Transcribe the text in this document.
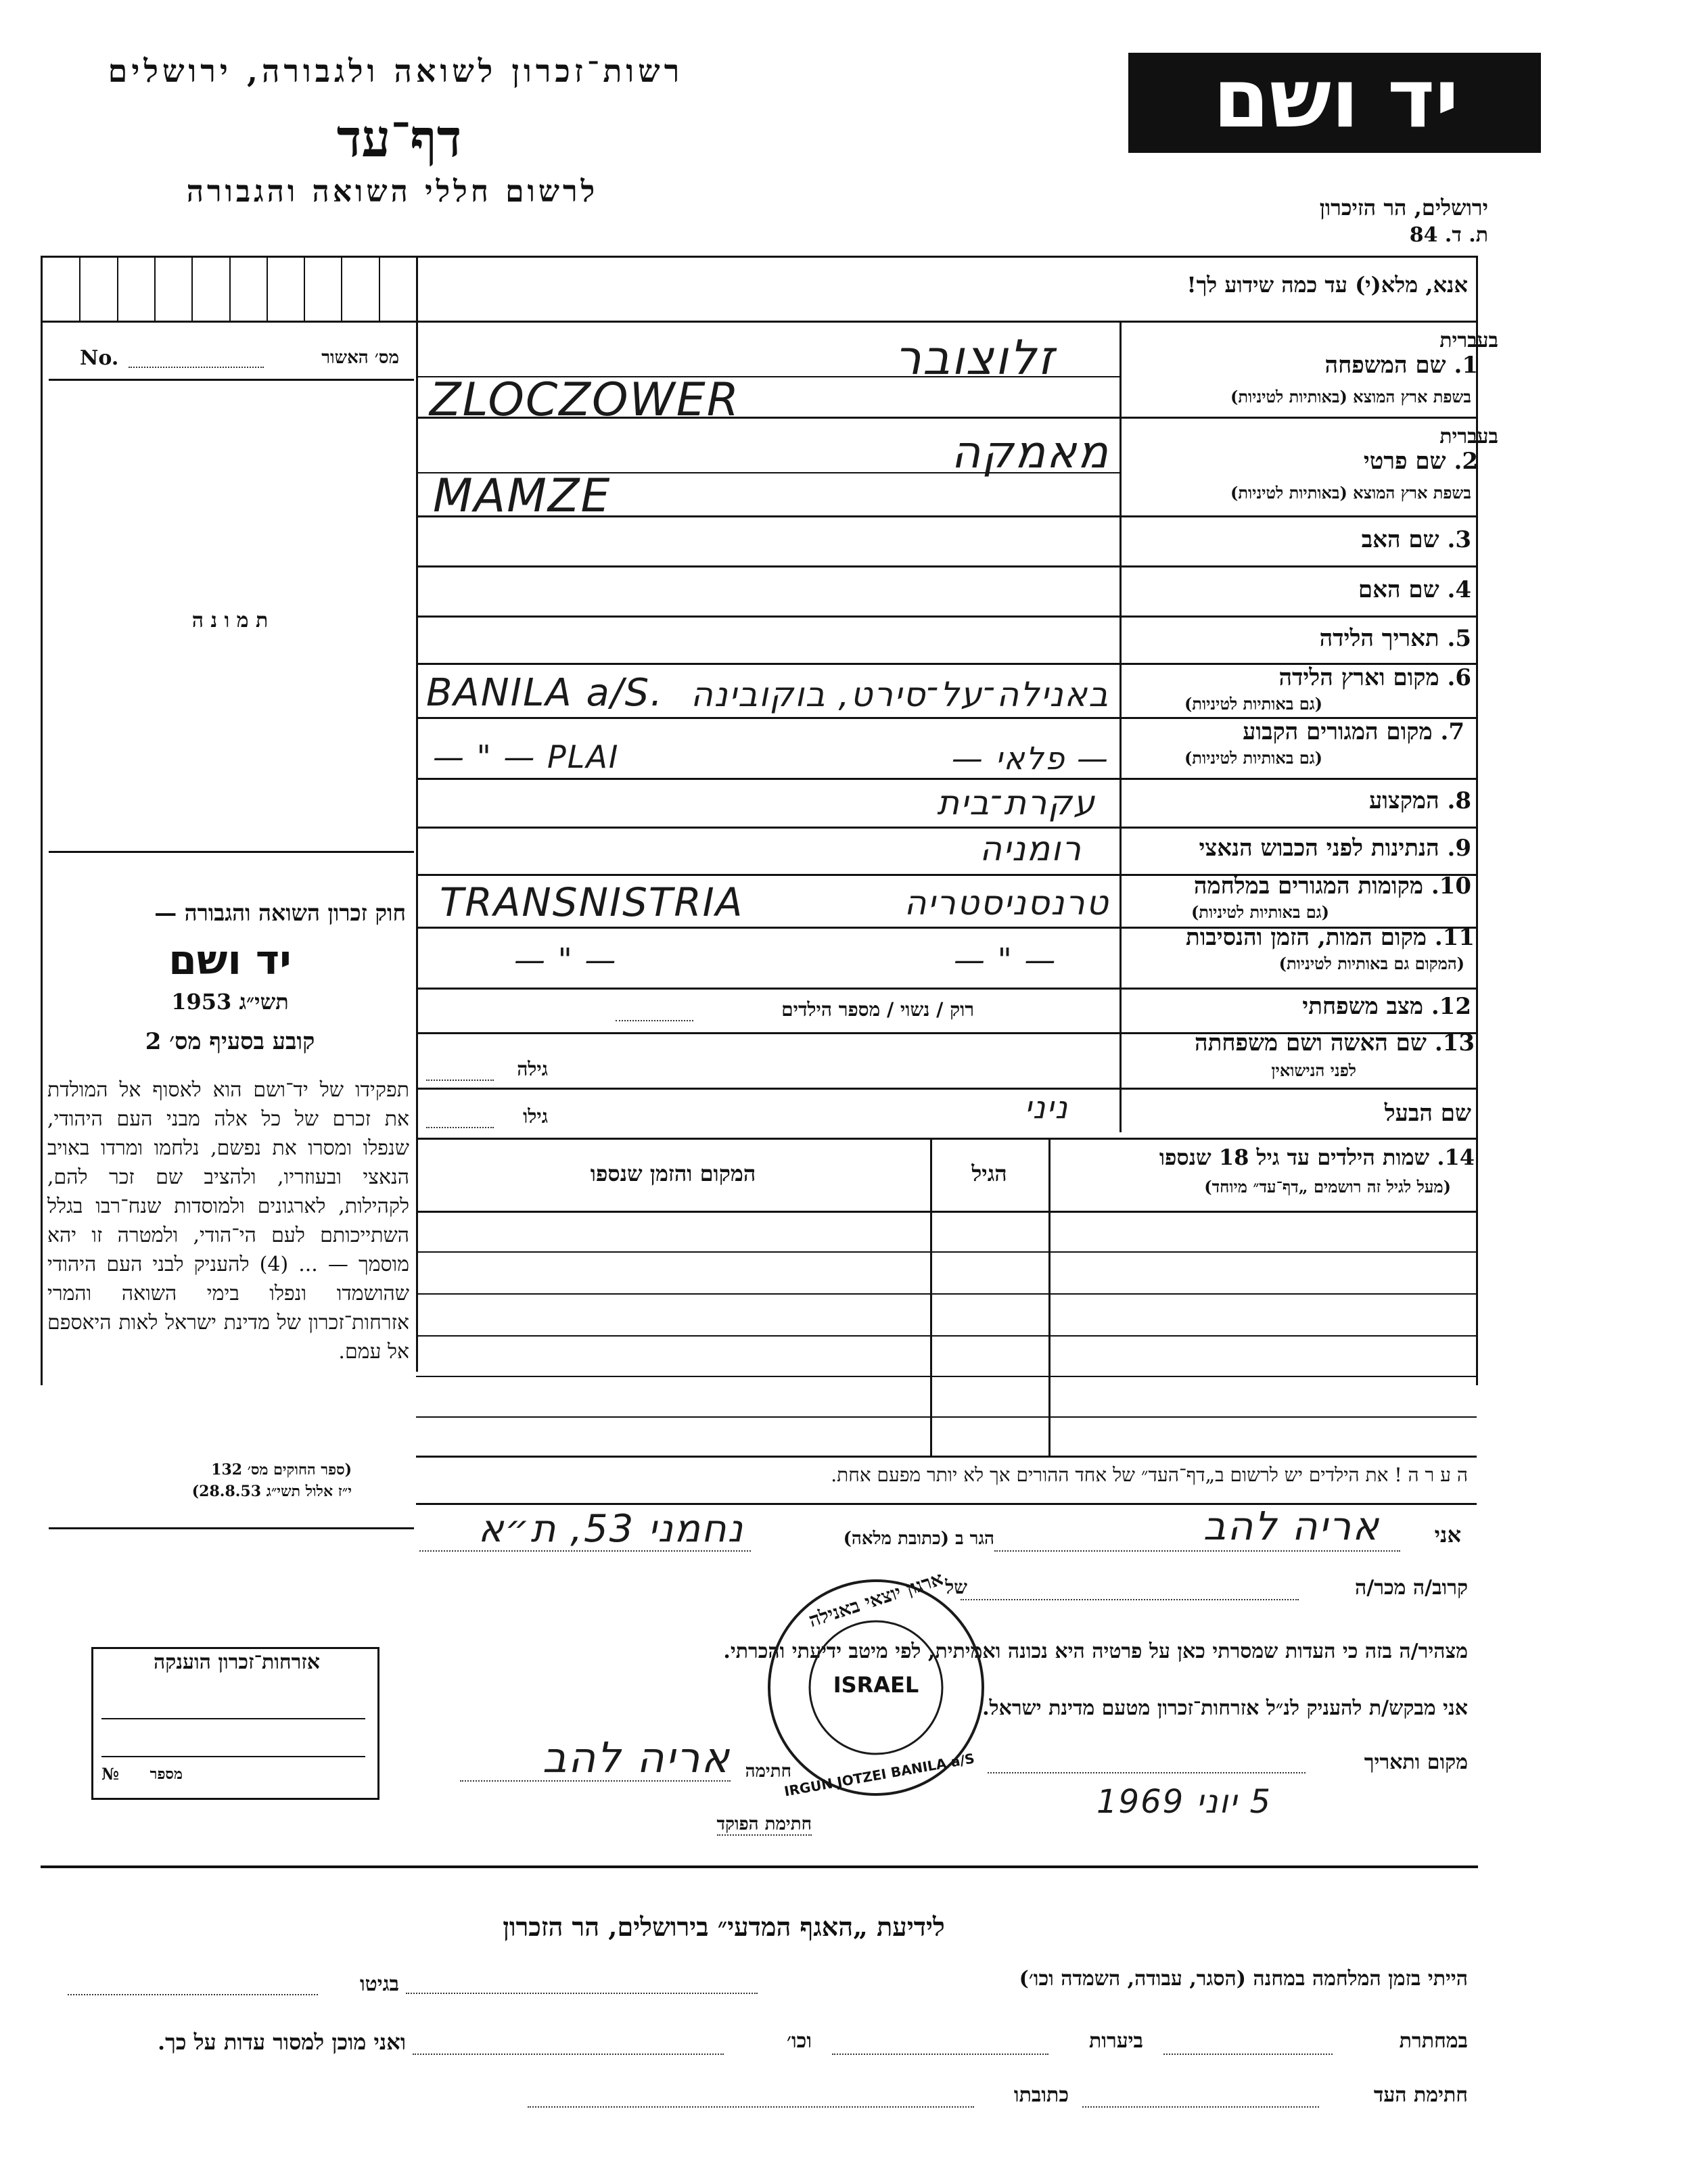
רשות־זכרון לשואה ולגבורה, ירושלים
דף־עד
לרשום חללי השואה והגבורה
יד ושם
ירושלים, הר הזיכרון
ת. ד. 84
אנא, מלא(י) עד כמה שידוע לך!
No.	מס׳ האשור
ת מ ו נ ה
חוק זכרון השואה והגבורה —
יד ושם
תשי״ג 1953
קובע בסעיף מס׳ 2
תפקידו של יד־ושם הוא לאסוף אל המולדת את זכרם של כל אלה מבני העם היהודי, שנפלו ומסרו את נפשם, נלחמו ומרדו באויב הנאצי ובעוזריו, ולהציב שם זכר להם, לקהילות, לארגונים ולמוסדות שנח־רבו בגלל השתייכותם לעם הי־הודי, ולמטרה זו יהא מוסמך — ... (4) להעניק לבני העם היהודי שהושמדו ונפלו בימי השואה והמרי אזרחות־זכרון של מדינת ישראל לאות היאספם אל עמם.
(ספר החוקים מס׳ 132
י״ז אלול תשי״ג 28.8.53)
בעברית
1. שם המשפחה
בשפת ארץ המוצא (באותיות לטיניות)
זלוצובר
ZLOCZOWER
בעברית
2. שם פרטי
בשפת ארץ המוצא (באותיות לטיניות)
מאמקה
MAMZE
3. שם האב
4. שם האם
5. תאריך הלידה
6. מקום וארץ הלידה
(גם באותיות לטיניות)
BANILA a/S. באנילה־על־סירט, בוקובינה
7. מקום המגורים הקבוע
(גם באותיות לטיניות)
— " — PLAI	— פלאי —
8. המקצוע
עקרת־בית
9. הנתינות לפני הכבוש הנאצי
רומניה
10. מקומות המגורים במלחמה
(גם באותיות לטיניות)
TRANSNISTRIA	טרנסניסטריה
11. מקום המות, הזמן והנסיבות
(המקום גם באותיות לטיניות)
— " —	— " —
12. מצב משפחתי
רוק / נשוי / מספר הילדים
13. שם האשה ושם משפחתה
לפני הנישואין
גילה
שם הבעל
ניני
גילו
14. שמות הילדים עד גיל 18 שנספו
(מעל לגיל זה רושמים „דף־עד״ מיוחד)
הגיל
המקום והזמן שנספו
ה ע ר ה ! את הילדים יש לרשום ב„דף־העד״ של אחד ההורים אך לא יותר מפעם אחת.
אני
אריה להב
הגר ב (כתובת מלאה)
נחמני 53, ת״א
קרוב/ה מכר/ה
של
מצהיר/ה בזה כי העדות שמסרתי כאן על פרטיה היא נכונה ואמיתית, לפי מיטב ידיעתי והכרתי.
אני מבקש/ת להעניק לנ״ל אזרחות־זכרון מטעם מדינת ישראל.
מקום ותאריך
5 יוני 1969
חתימה
אריה להב
חתימת הפוקד
אזרחות־זכרון הוענקה
№	מספר
ארגון יוצאי באנילה
ISRAEL
IRGUN JOTZEI BANILA a/S
לידיעת „האגף המדעי״ בירושלים, הר הזכרון
הייתי בזמן המלחמה במחנה (הסגר, עבודה, השמדה וכו׳)
בגיטו
במחתרת
ביערות
וכו׳
ואני מוכן למסור עדות על כך.
חתימת העד
כתובתו
